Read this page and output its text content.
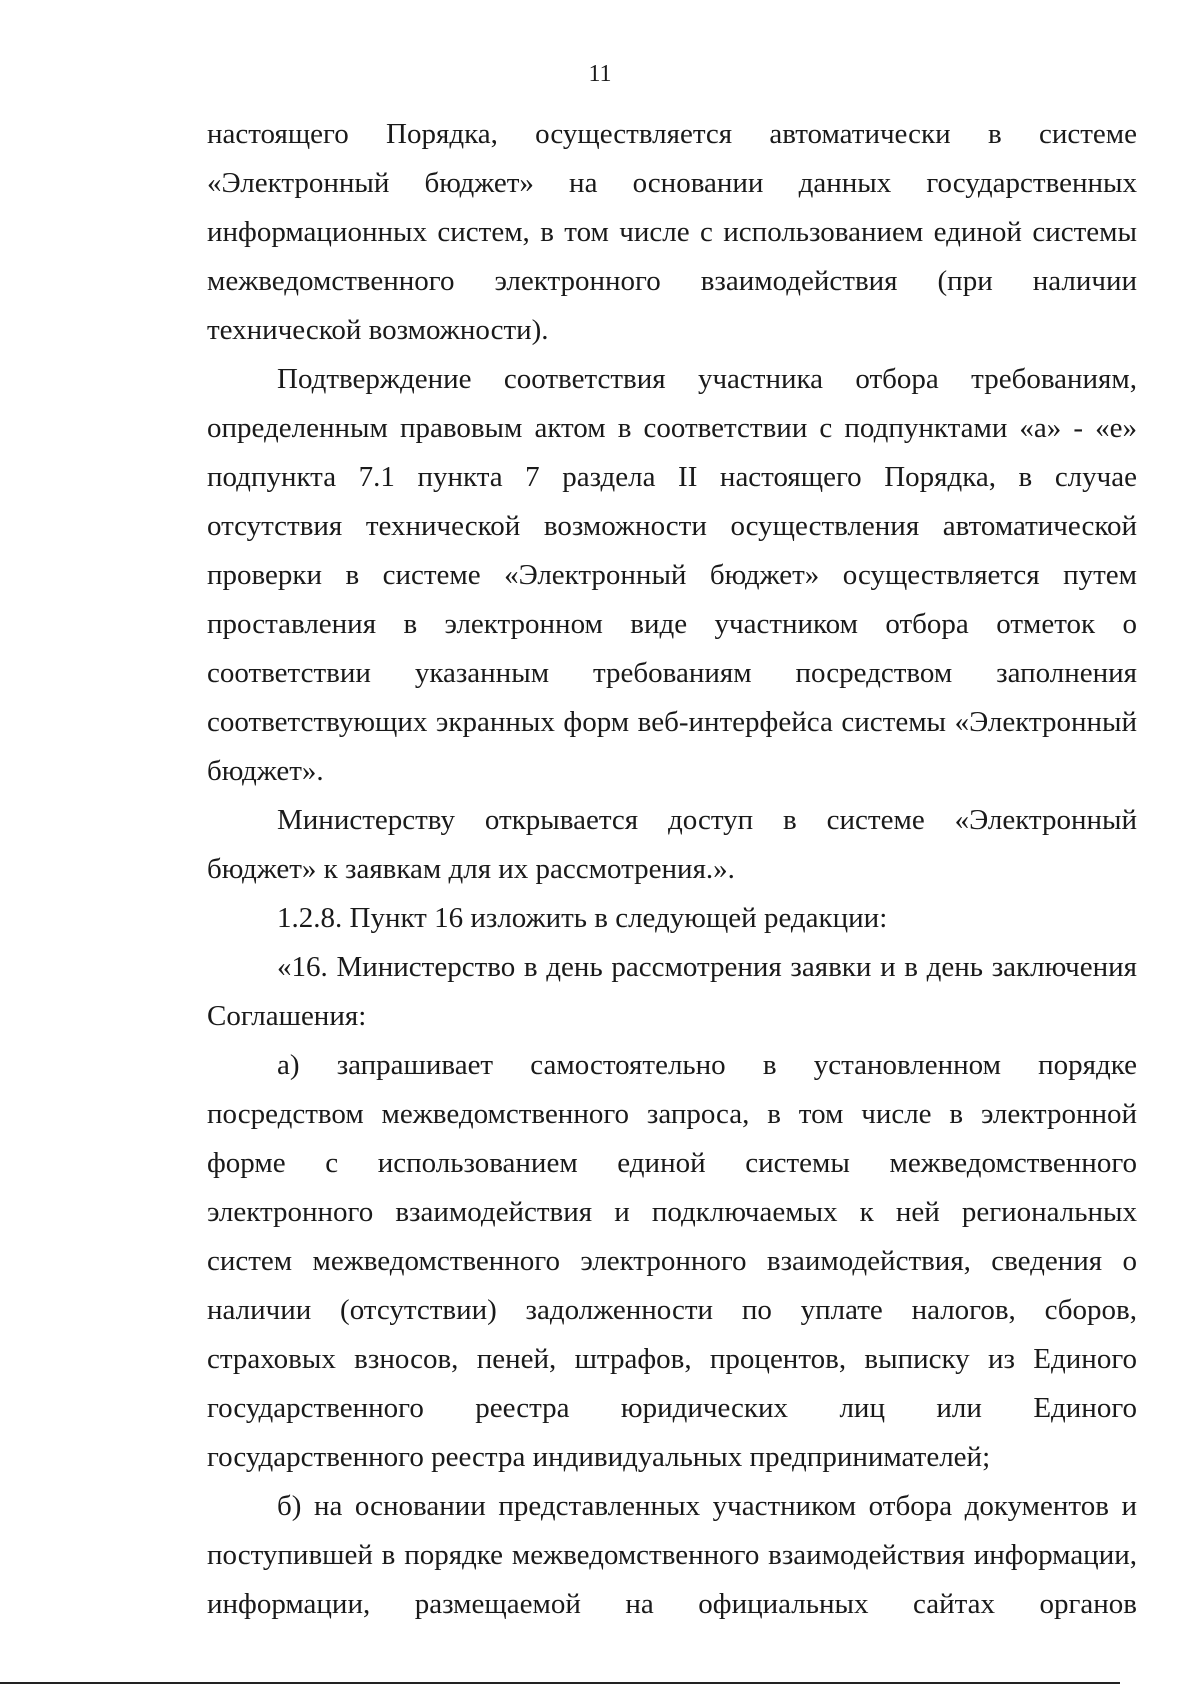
11

настоящего Порядка, осуществляется автоматически в системе «Электронный бюджет» на основании данных государственных информационных систем, в том числе с использованием единой системы межведомственного электронного взаимодействия (при наличии технической возможности).

Подтверждение соответствия участника отбора требованиям, определенным правовым актом в соответствии с подпунктами «а» - «е» подпункта 7.1 пункта 7 раздела II настоящего Порядка, в случае отсутствия технической возможности осуществления автоматической проверки в системе «Электронный бюджет» осуществляется путем проставления в электронном виде участником отбора отметок о соответствии указанным требованиям посредством заполнения соответствующих экранных форм веб-интерфейса системы «Электронный бюджет».

Министерству открывается доступ в системе «Электронный бюджет» к заявкам для их рассмотрения.».

1.2.8. Пункт 16 изложить в следующей редакции:

«16. Министерство в день рассмотрения заявки и в день заключения Соглашения:

а) запрашивает самостоятельно в установленном порядке посредством межведомственного запроса, в том числе в электронной форме с использованием единой системы межведомственного электронного взаимодействия и подключаемых к ней региональных систем межведомственного электронного взаимодействия, сведения о наличии (отсутствии) задолженности по уплате налогов, сборов, страховых взносов, пеней, штрафов, процентов, выписку из Единого государственного реестра юридических лиц или Единого государственного реестра индивидуальных предпринимателей;

б) на основании представленных участником отбора документов и поступившей в порядке межведомственного взаимодействия информации, информации, размещаемой на официальных сайтах органов
